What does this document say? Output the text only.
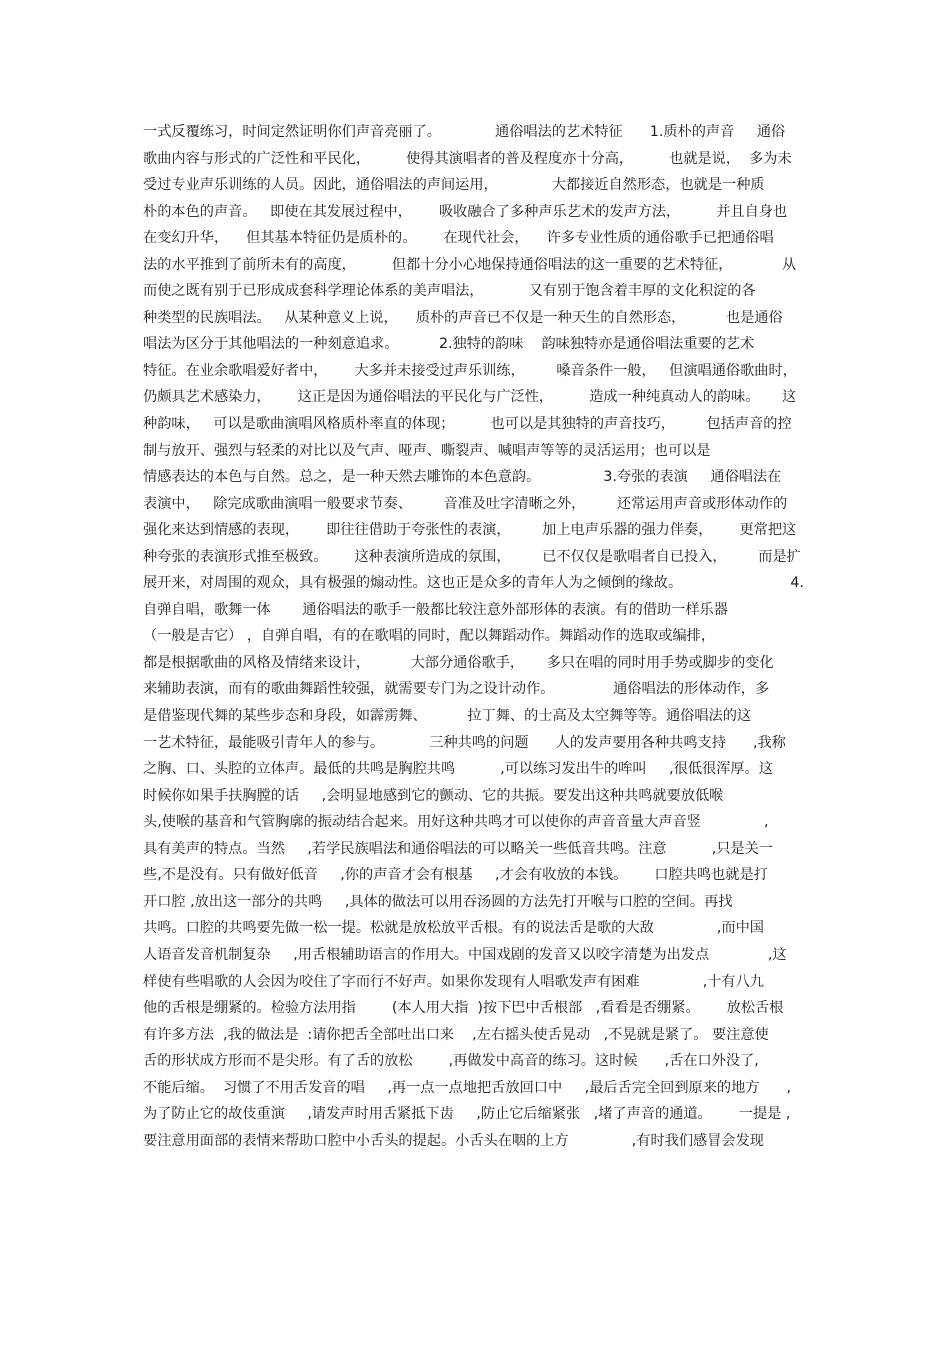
一式反覆练习，时间定然证明你们声音亮丽了。            通俗唱法的艺术特征      1.质朴的声音     通俗
歌曲内容与形式的广泛性和平民化，        使得其演唱者的普及程度亦十分高，        也就是说，  多为未
受过专业声乐训练的人员。因此，通俗唱法的声间运用，            大都接近自然形态，也就是一种质
朴的本色的声音。   即使在其发展过程中，      吸收融合了多种声乐艺术的发声方法，        并且自身也
在变幻升华，    但其基本特征仍是质朴的。      在现代社会，    许多专业性质的通俗歌手已把通俗唱
法的水平推到了前所未有的高度，        但都十分小心地保持通俗唱法的这一重要的艺术特征，           从
而使之既有别于已形成成套科学理论体系的美声唱法，          又有别于饱含着丰厚的文化积淀的各
种类型的民族唱法。   从某种意义上说，    质朴的声音已不仅是一种天生的自然形态，         也是通俗
唱法为区分于其他唱法的一种刻意追求。         2.独特的韵味    韵味独特亦是通俗唱法重要的艺术
特征。在业余歌唱爱好者中，      大多并未接受过声乐训练，       嗓音条件一般，   但演唱通俗歌曲时，
仍颇具艺术感染力，      这正是因为通俗唱法的平民化与广泛性，        造成一种纯真动人的韵味。     这
种韵味，   可以是歌曲演唱风格质朴率直的体现；        也可以是其独特的声音技巧，       包括声音的控
制与放开、强烈与轻柔的对比以及气声、哑声、嘶裂声、喊唱声等等的灵活运用；也可以是
情感表达的本色与自然。总之，是一种天然去雕饰的本色意韵。              3.夸张的表演     通俗唱法在
表演中，   除完成歌曲演唱一般要求节奏、       音准及吐字清晰之外，       还常运用声音或形体动作的
强化来达到情感的表现，      即往往借助于夸张性的表演，       加上电声乐器的强力伴奏，      更常把这
种夸张的表演形式推至极致。      这种表演所造成的氛围，       已不仅仅是歌唱者自已投入，       而是扩
展开来，对周围的观众，具有极强的煽动性。这也正是众多的青年人为之倾倒的缘故。                        4.
自弹自唱，歌舞一体       通俗唱法的歌手一般都比较注意外部形体的表演。有的借助一样乐器
（一般是吉它） ，自弹自唱，有的在歌唱的同时，配以舞蹈动作。舞蹈动作的选取或编排，
都是根据歌曲的风格及情绪来设计，         大部分通俗歌手，     多只在唱的同时用手势或脚步的变化
来辅助表演，而有的歌曲舞蹈性较强，就需要专门为之设计动作。             通俗唱法的形体动作，多
是借鉴现代舞的某些步态和身段，如霹雳舞、         拉丁舞、的士高及太空舞等等。通俗唱法的这
一艺术特征，最能吸引青年人的参与。          三种共鸣的问题      人的发声要用各种共鸣支持      ,我称
之胸、口、头腔的立体声。最低的共鸣是胸腔共鸣          ,可以练习发出牛的哞叫     ,很低很浑厚。这
时候你如果手扶胸膛的话     ,会明显地感到它的颤动、它的共振。要发出这种共鸣就要放低喉
头,使喉的基音和气管胸廓的振动结合起来。用好这种共鸣才可以使你的声音音量大声音竖              ,
具有美声的特点。当然     ,若学民族唱法和通俗唱法的可以略关一些低音共鸣。注意          ,只是关一
些,不是没有。只有做好低音     ,你的声音才会有根基     ,才会有收放的本钱。      口腔共鸣也就是打
开口腔 ,放出这一部分的共鸣     ,具体的做法可以用吞汤圆的方法先打开喉与口腔的空间。再找
共鸣。口腔的共鸣要先做一松一提。松就是放松放平舌根。有的说法舌是歌的大敌              ,而中国
人语音发音机制复杂     ,用舌根辅助语言的作用大。中国戏剧的发音又以咬字清楚为出发点             ,这
样使有些唱歌的人会因为咬住了字而行不好声。如果你发现有人唱歌发声有困难              ,十有八九
他的舌根是绷紧的。检验方法用指        (本人用大指  )按下巴中舌根部   ,看看是否绷紧。      放松舌根
有许多方法  ,我的做法是  :请你把舌全部吐出口来    ,左右摇头使舌晃动   ,不晃就是紧了。 要注意使
舌的形状成方形而不是尖形。有了舌的放松        ,再做发中高音的练习。这时候      ,舌在口外没了,
不能后缩。  习惯了不用舌发音的唱     ,再一点一点地把舌放回口中     ,最后舌完全回到原来的地方      ,
为了防止它的故伎重演     ,请发声时用舌紧抵下齿     ,防止它后缩紧张   ,堵了声音的通道。      一提是 ,
要注意用面部的表情来帮助口腔中小舌头的提起。小舌头在咽的上方              ,有时我们感冒会发现
